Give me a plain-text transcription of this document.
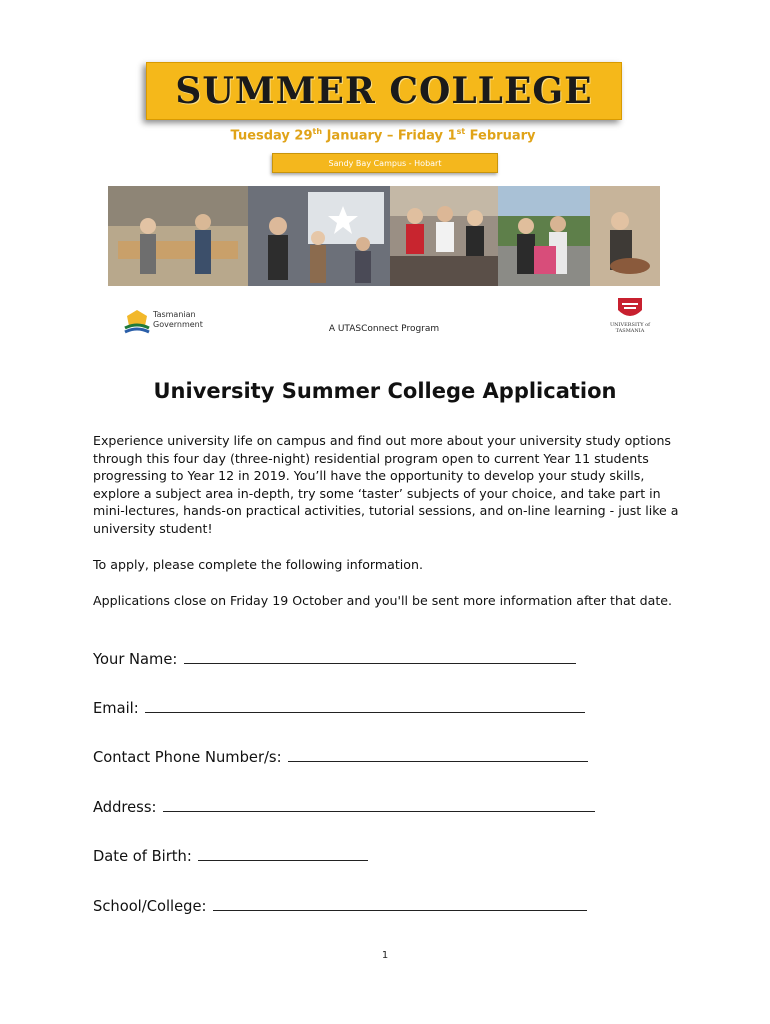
SUMMER COLLEGE
Tuesday 29th January – Friday 1st February
Sandy Bay Campus - Hobart
Tasmanian
Government	A UTASConnect Program	UNIVERSITY of
TASMANIA
University Summer College Application
Experience university life on campus and find out more about your university study options through this four day (three-night) residential program open to current Year 11 students progressing to Year 12 in 2019. You’ll have the opportunity to develop your study skills, explore a subject area in-depth, try some ‘taster’ subjects of your choice, and take part in mini-lectures, hands-on practical activities, tutorial sessions, and on-line learning - just like a university student!
To apply, please complete the following information.
Applications close on Friday 19 October and you'll be sent more information after that date.
Your Name:
Email:
Contact Phone Number/s:
Address:
Date of Birth:
School/College:
1
